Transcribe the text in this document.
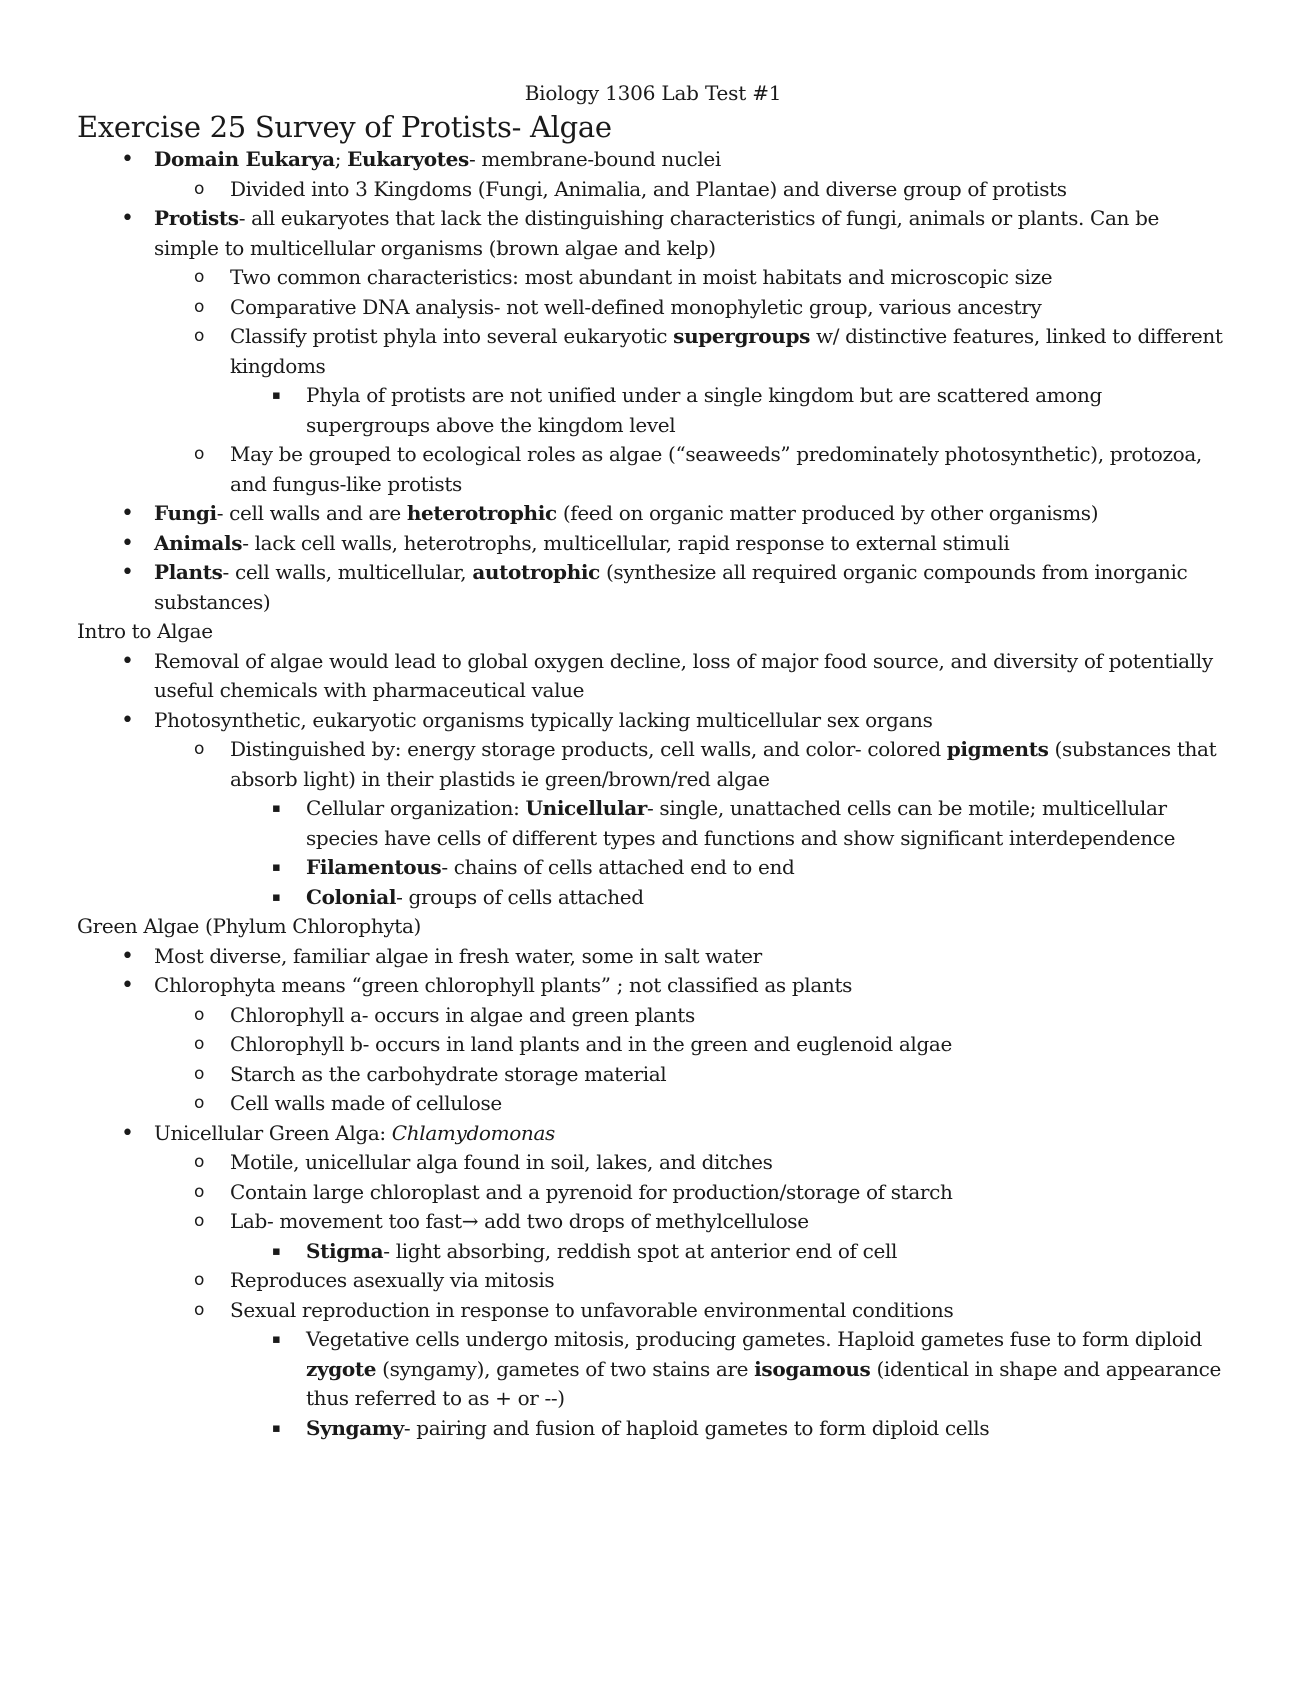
Biology 1306 Lab Test #1
Exercise 25 Survey of Protists- Algae
• Domain Eukarya; Eukaryotes- membrane-bound nuclei
o Divided into 3 Kingdoms (Fungi, Animalia, and Plantae) and diverse group of protists
• Protists- all eukaryotes that lack the distinguishing characteristics of fungi, animals or plants. Can be simple to multicellular organisms (brown algae and kelp)
o Two common characteristics: most abundant in moist habitats and microscopic size
o Comparative DNA analysis- not well-defined monophyletic group, various ancestry
o Classify protist phyla into several eukaryotic supergroups w/ distinctive features, linked to different kingdoms
▪ Phyla of protists are not unified under a single kingdom but are scattered among supergroups above the kingdom level
o May be grouped to ecological roles as algae (“seaweeds” predominately photosynthetic), protozoa, and fungus-like protists
• Fungi- cell walls and are heterotrophic (feed on organic matter produced by other organisms)
• Animals- lack cell walls, heterotrophs, multicellular, rapid response to external stimuli
• Plants- cell walls, multicellular, autotrophic (synthesize all required organic compounds from inorganic substances)
Intro to Algae
• Removal of algae would lead to global oxygen decline, loss of major food source, and diversity of potentially useful chemicals with pharmaceutical value
• Photosynthetic, eukaryotic organisms typically lacking multicellular sex organs
o Distinguished by: energy storage products, cell walls, and color- colored pigments (substances that absorb light) in their plastids ie green/brown/red algae
▪ Cellular organization: Unicellular- single, unattached cells can be motile; multicellular species have cells of different types and functions and show significant interdependence
▪ Filamentous- chains of cells attached end to end
▪ Colonial- groups of cells attached
Green Algae (Phylum Chlorophyta)
• Most diverse, familiar algae in fresh water, some in salt water
• Chlorophyta means “green chlorophyll plants” ; not classified as plants
o Chlorophyll a- occurs in algae and green plants
o Chlorophyll b- occurs in land plants and in the green and euglenoid algae
o Starch as the carbohydrate storage material
o Cell walls made of cellulose
• Unicellular Green Alga: Chlamydomonas
o Motile, unicellular alga found in soil, lakes, and ditches
o Contain large chloroplast and a pyrenoid for production/storage of starch
o Lab- movement too fast→ add two drops of methylcellulose
▪ Stigma- light absorbing, reddish spot at anterior end of cell
o Reproduces asexually via mitosis
o Sexual reproduction in response to unfavorable environmental conditions
▪ Vegetative cells undergo mitosis, producing gametes. Haploid gametes fuse to form diploid zygote (syngamy), gametes of two stains are isogamous (identical in shape and appearance thus referred to as + or --)
▪ Syngamy- pairing and fusion of haploid gametes to form diploid cells
